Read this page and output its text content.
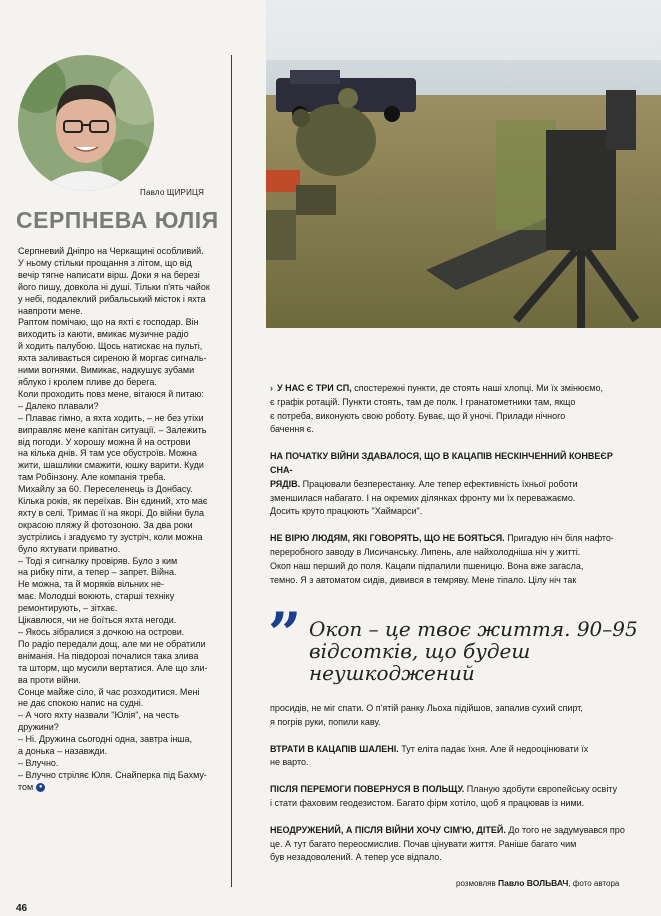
Павло ЩИРИЦЯ
СЕРПНЕВА ЮЛІЯ

Серпневий Дніпро на Черкащині особливий.

У ньому стільки прощання з літом, що від

вечір тягне написати вірш. Доки я на березі

його пишу, довкола ні душі. Тільки п'ять чайок

у небі, подалеклий рибальський місток і яхта

навпроти мене.

Раптом помічаю, що на яхті є господар. Він

виходить із каюти, вмикає музичне радіо

й ходить палубою. Щось натискає на пульті,

яхта заливається сиреною й моргає сигналь-

ними вогнями. Вимикає, надкушує зубами

яблуко і кролем пливе до берега.

Коли проходить повз мене, вітаюся й питаю:

– Далеко плавали?

– Плаває гімно, а яхта ходить, – не без утіхи

виправляє мене капітан ситуації. – Залежить

від погоди. У хорошу можна й на острови

на кілька днів. Я там усе обустроїв. Можна

жити, шашлики смажити, юшку варити. Куди

там Робінзону. Але компанія треба.

Михайлу за 60. Переселенець із Донбасу.

Кілька років, як переїхав. Він єдиний, хто має

яхту в селі. Тримає її на якорі. До війни була

окрасою пляжу й фотозоною. За два роки

зустрілись і згадуємо ту зустріч, коли можна

було яхтувати приватно.

– Тоді я сигналку провіряв. Було з ким

на рибку піти, а тепер – запрет. Війна.

Не можна, та й моряків вільних не-

має. Молодші воюють, старші техніку

ремонтирують, – зітхає.

Цікавлюся, чи не боїться яхта негоди.

– Якось зібралися з дочкою на острови.

По радіо передали дощ, але ми не обратили

вніманія. На півдорозі почалися така злива

та шторм, що мусили вертатися. Але що зли-

ва проти війни.

Сонце майже сіло, й час розходитися. Мені

не дає спокою напис на судні.

– А чого яхту назвали "Юлія", на честь

дружини?

– Ні. Дружина сьогодні одна, завтра інша,

а донька – назавжди.

– Влучно.

– Влучно стріляє Юля. Снайперка під Бахму-

том ●

› У НАС Є ТРИ СП, спостережні пункти, де стоять наші хлопці. Ми їх змінюємо,

є графік ротацій. Пункти стоять, там де полк. І гранатометники там, якщо

є потреба, виконують свою роботу. Буває, що й уночі. Прилади нічного

бачення є.

НА ПОЧАТКУ ВІЙНИ ЗДАВАЛОСЯ, ЩО В КАЦАПІВ НЕСКІНЧЕННИЙ КОНВЕЄР СНА-

РЯДІВ. Працювали безперестанку. Але тепер ефективність їхньої роботи

зменшилася набагато. І на окремих ділянках фронту ми їх переважаємо.

Досить круто працюють "Хаймарси".

НЕ ВІРЮ ЛЮДЯМ, ЯКІ ГОВОРЯТЬ, ЩО НЕ БОЯТЬСЯ. Пригадую ніч біля нафто-

переробного заводу в Лисичанську. Липень, але найхолодніша ніч у житті.

Окоп наш перший до поля. Кацапи підпалили пшеницю. Вона вже загасла,

темно. Я з автоматом сидів, дивився в темряву. Мене тіпало. Цілу ніч так

” Окоп – це твоє життя. 90–95 відсотків, що будеш неушкоджений

просидів, не міг спати. О п'ятій ранку Льоха підійшов, запалив сухий спирт,

я погрів руки, попили каву.

ВТРАТИ В КАЦАПІВ ШАЛЕНІ. Тут еліта падає їхня. Але й недооцінювати їх

не варто.

ПІСЛЯ ПЕРЕМОГИ ПОВЕРНУСЯ В ПОЛЬЩУ. Планую здобути європейську освіту

і стати фаховим геодезистом. Багато фірм хотіло, щоб я працював із ними.

НЕОДРУЖЕНИЙ, А ПІСЛЯ ВІЙНИ ХОЧУ СІМ'Ю, ДІТЕЙ. До того не задумувався про

це. А тут багато переосмислив. Почав цінувати життя. Раніше багато чим

був незадоволений. А тепер усе відпало.

розмовляв Павло ВОЛЬВАЧ, фото автора
46
